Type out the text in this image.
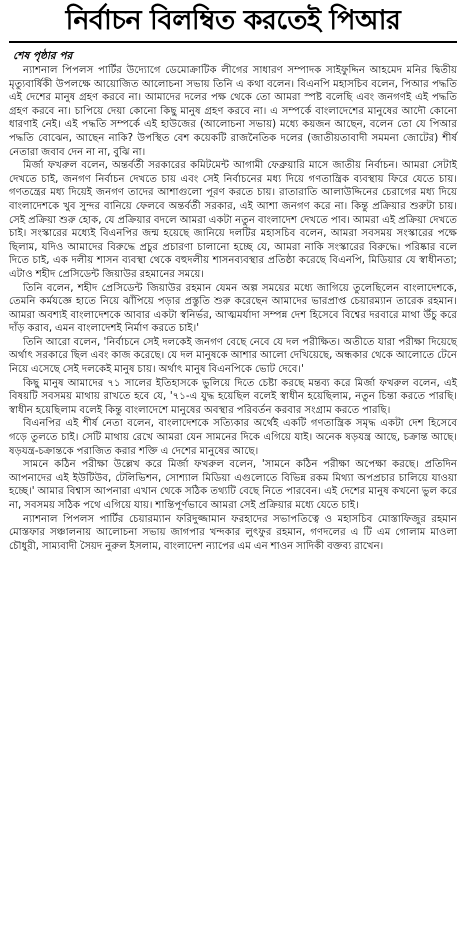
নির্বাচন বিলম্বিত করতেই পিআর
শেষ পৃষ্ঠার পর

ন্যাশনাল পিপলস পার্টির উদ্যোগে ডেমোক্রাটিক লীগের সাধারণ সম্পাদক সাইফুদ্দিন আহমেদ মনির দ্বিতীয় মৃত্যুবার্ষিকী উপলক্ষে আয়োজিত আলোচনা সভায় তিনি এ কথা বলেন। বিএনপি মহাসচিব বলেন, পিআর পদ্ধতি এই দেশের মানুষ গ্রহণ করবে না। আমাদের দলের পক্ষ থেকে তো আমরা স্পষ্ট বলেছি এবং জনগণই এই পদ্ধতি গ্রহণ করবে না। চাপিয়ে দেয়া কোনো কিছু মানুষ গ্রহণ করবে না। এ সম্পর্কে বাংলাদেশের মানুষের আদৌ কোনো ধারণাই নেই। এই পদ্ধতি সম্পর্কে এই হাউজের (আলোচনা সভায়) মধ্যে কয়জন আছেন, বলেন তো যে পিআর পদ্ধতি বোঝেন, আছেন নাকি? উপস্থিত বেশ কয়েকটি রাজনৈতিক দলের (জাতীয়তাবাদী সমমনা জোটের) শীর্ষ নেতারা জবাব দেন না না, বুঝি না।

মির্জা ফখরুল বলেন, অন্তর্বর্তী সরকারের কমিটমেন্ট আগামী ফেব্রুয়ারি মাসে জাতীয় নির্বাচন। আমরা সেটাই দেখতে চাই, জনগণ নির্বাচন দেখতে চায় এবং সেই নির্বাচনের মধ্য দিয়ে গণতান্ত্রিক ব্যবস্থায় ফিরে যেতে চায়। গণতন্ত্রের মধ্য দিয়েই জনগণ তাদের আশাগুলো পূরণ করতে চায়। রাতারাতি আলাউদ্দিনের চেরাগের মধ্য দিয়ে বাংলাদেশকে খুব সুন্দর বানিয়ে ফেলবে অন্তর্বর্তী সরকার, এই আশা জনগণ করে না। কিন্তু প্রক্রিয়ার শুরুটা চায়। সেই প্রক্রিয়া শুরু হোক, যে প্রক্রিয়ার বদলে আমরা একটা নতুন বাংলাদেশ দেখতে পাব। আমরা এই প্রক্রিয়া দেখতে চাই। সংস্কারের মধ্যেই বিএনপির জন্ম হয়েছে জানিয়ে দলটির মহাসচিব বলেন, আমরা সবসময় সংস্কারের পক্ষে ছিলাম, যদিও আমাদের বিরুদ্ধে প্রচুর প্রচারণা চালানো হচ্ছে যে, আমরা নাকি সংস্কারের বিরুদ্ধে। পরিষ্কার বলে দিতে চাই, এক দলীয় শাসন ব্যবস্থা থেকে বহুদলীয় শাসনব্যবস্থার প্রতিষ্ঠা করেছে বিএনপি, মিডিয়ার যে স্বাধীনতা; এটাও শহীদ প্রেসিডেন্ট জিয়াউর রহমানের সময়ে।

তিনি বলেন, শহীদ প্রেসিডেন্ট জিয়াউর রহমান যেমন অল্প সময়ের মধ্যে জাগিয়ে তুলেছিলেন বাংলাদেশকে, তেমনি কর্মযজ্ঞে হাতে নিয়ে ঝাঁপিয়ে পড়ার প্রস্তুতি শুরু করেছেন আমাদের ভারপ্রাপ্ত চেয়ারম্যান তারেক রহমান। আমরা অবশ্যই বাংলাদেশকে আবার একটা স্বনির্ভর, আত্মমর্যাদা সম্পন্ন দেশ হিসেবে বিশ্বের দরবারে মাথা উঁচু করে দাঁড় করাব, এমন বাংলাদেশই নির্মাণ করতে চাই।'

তিনি আরো বলেন, 'নির্বাচনে সেই দলকেই জনগণ বেছে নেবে যে দল পরীক্ষিত। অতীতে যারা পরীক্ষা দিয়েছে অর্থাৎ সরকারে ছিল এবং কাজ করেছে। যে দল মানুষকে আশার আলো দেখিয়েছে, অন্ধকার থেকে আলোতে টেনে নিয়ে এসেছে সেই দলকেই মানুষ চায়। অর্থাৎ মানুষ বিএনপিকে ভোট দেবে।'

কিছু মানুষ আমাদের ৭১ সালের ইতিহাসকে ভুলিয়ে দিতে চেষ্টা করছে মন্তব্য করে মির্জা ফখরুল বলেন, এই বিষয়টি সবসময় মাথায় রাখতে হবে যে, '৭১-এ যুদ্ধ হয়েছিল বলেই স্বাধীন হয়েছিলাম, নতুন চিন্তা করতে পারছি। স্বাধীন হয়েছিলাম বলেই কিন্তু বাংলাদেশে মানুষের অবস্থার পরিবর্তন করবার সংগ্রাম করতে পারছি।

বিএনপির এই শীর্ষ নেতা বলেন, বাংলাদেশকে সত্যিকার অর্থেই একটি গণতান্ত্রিক সমৃদ্ধ একটা দেশ হিসেবে গড়ে তুলতে চাই। সেটি মাথায় রেখে আমরা যেন সামনের দিকে এগিয়ে যাই। অনেক ষড়যন্ত্র আছে, চক্রান্ত আছে। ষড়যন্ত্র-চক্রান্তকে পরাজিত করার শক্তি এ দেশের মানুষের আছে।

সামনে কঠিন পরীক্ষা উল্লেখ করে মির্জা ফখরুল বলেন, 'সামনে কঠিন পরীক্ষা অপেক্ষা করছে। প্রতিদিন আপনাদের এই ইউটিউব, টেলিভিশন, সোশ্যাল মিডিয়া এগুলোতে বিভিন্ন রকম মিথ্যা অপপ্রচার চালিয়ে যাওয়া হচ্ছে।' আমার বিশ্বাস আপনারা এখান থেকে সঠিক তথ্যটি বেছে নিতে পারবেন। এই দেশের মানুষ কখনো ভুল করে না, সবসময় সঠিক পথে এগিয়ে যায়। শান্তিপূর্ণভাবে আমরা সেই প্রক্রিয়ার মধ্যে যেতে চাই।

ন্যাশনাল পিপলস পার্টির চেয়ারম্যান ফরিদুজ্জামান ফরহাদের সভাপতিত্বে ও মহাসচিব মোস্তাফিজুর রহমান মোস্তফার সঞ্চালনায় আলোচনা সভায় জাগপার খন্দকার লুৎফুর রহমান, গণদলের এ টি এম গোলাম মাওলা চৌধুরী, সাম্যবাদী সৈয়দ নুরুল ইসলাম, বাংলাদেশ ন্যাপের এম এন শাওন সাদিকী বক্তব্য রাখেন।
